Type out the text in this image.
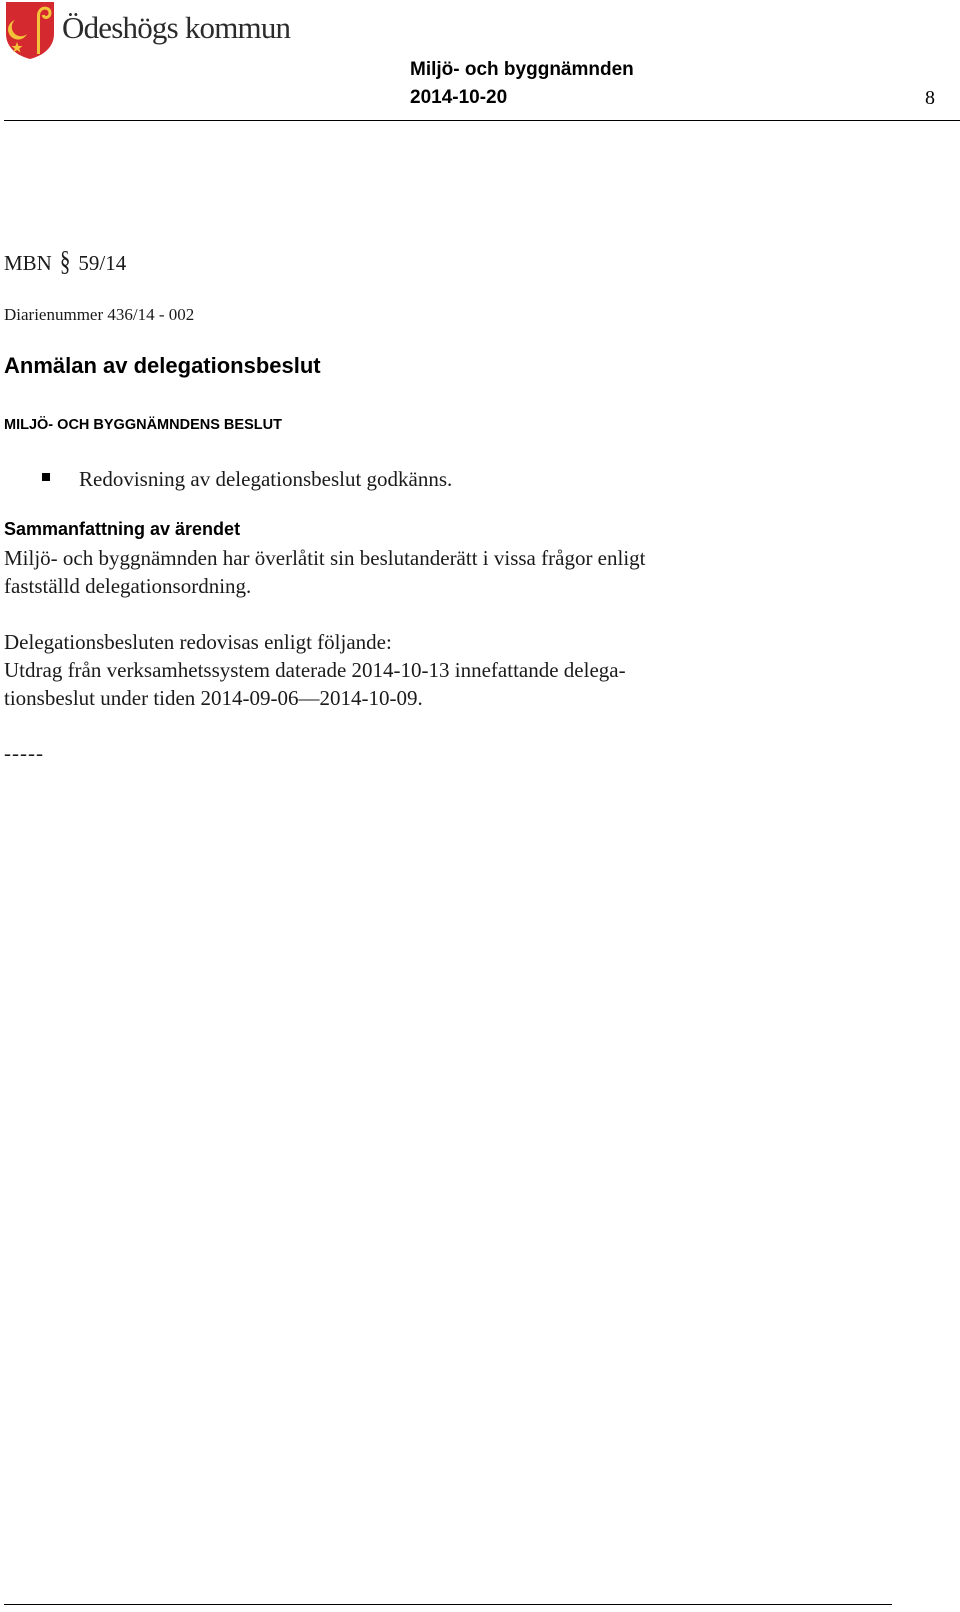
Ödeshögs kommun
Miljö- och byggnämnden
2014-10-20	8
MBN § 59/14
Diarienummer 436/14 - 002
Anmälan av delegationsbeslut
MILJÖ- OCH BYGGNÄMNDENS BESLUT
Redovisning av delegationsbeslut godkänns.
Sammanfattning av ärendet
Miljö- och byggnämnden har överlåtit sin beslutanderätt i vissa frågor enligt
fastställd delegationsordning.
Delegationsbesluten redovisas enligt följande:
Utdrag från verksamhetssystem daterade 2014-10-13 innefattande delega-
tionsbeslut under tiden 2014-09-06—2014-10-09.
-----
